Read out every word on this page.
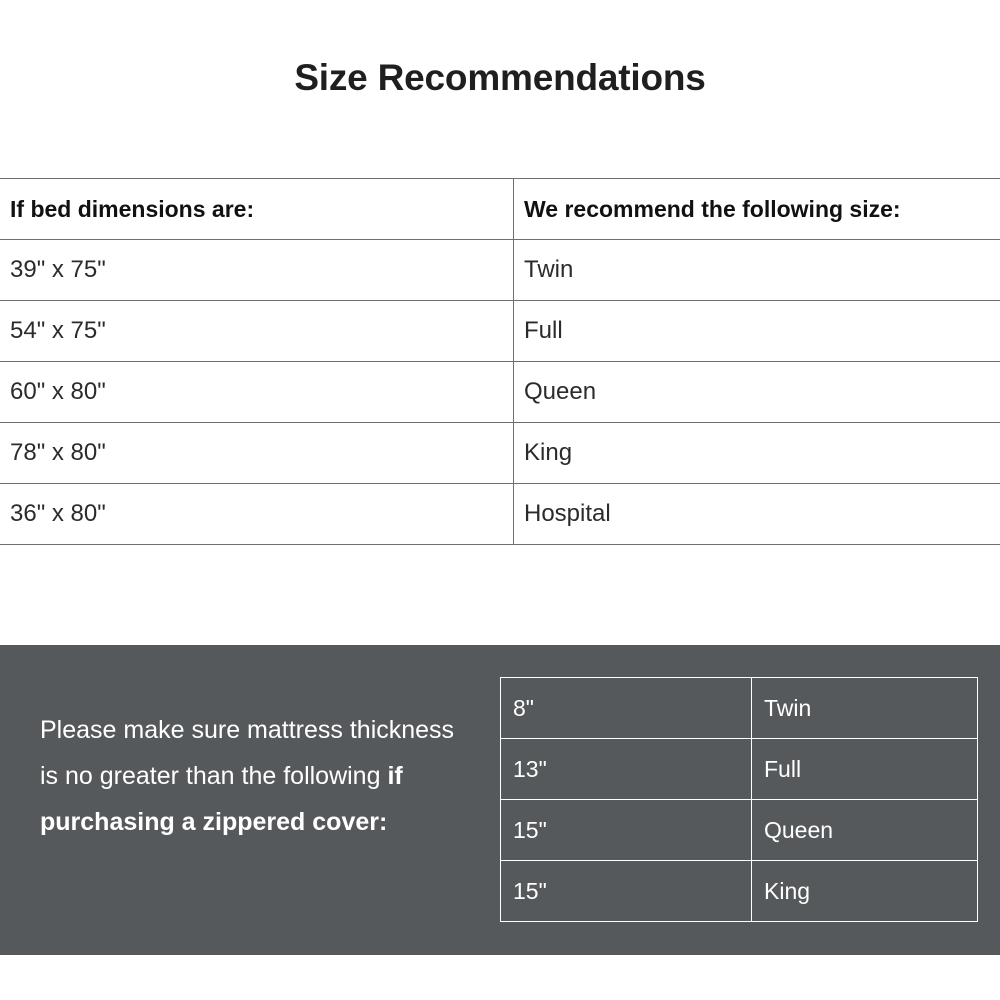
Size Recommendations
If bed dimensions are:	We recommend the following size:
39" x 75"	Twin
54" x 75"	Full
60" x 80"	Queen
78" x 80"	King
36" x 80"	Hospital
Please make sure mattress thickness is no greater than the following if purchasing a zippered cover:
8"	Twin
13"	Full
15"	Queen
15"	King
